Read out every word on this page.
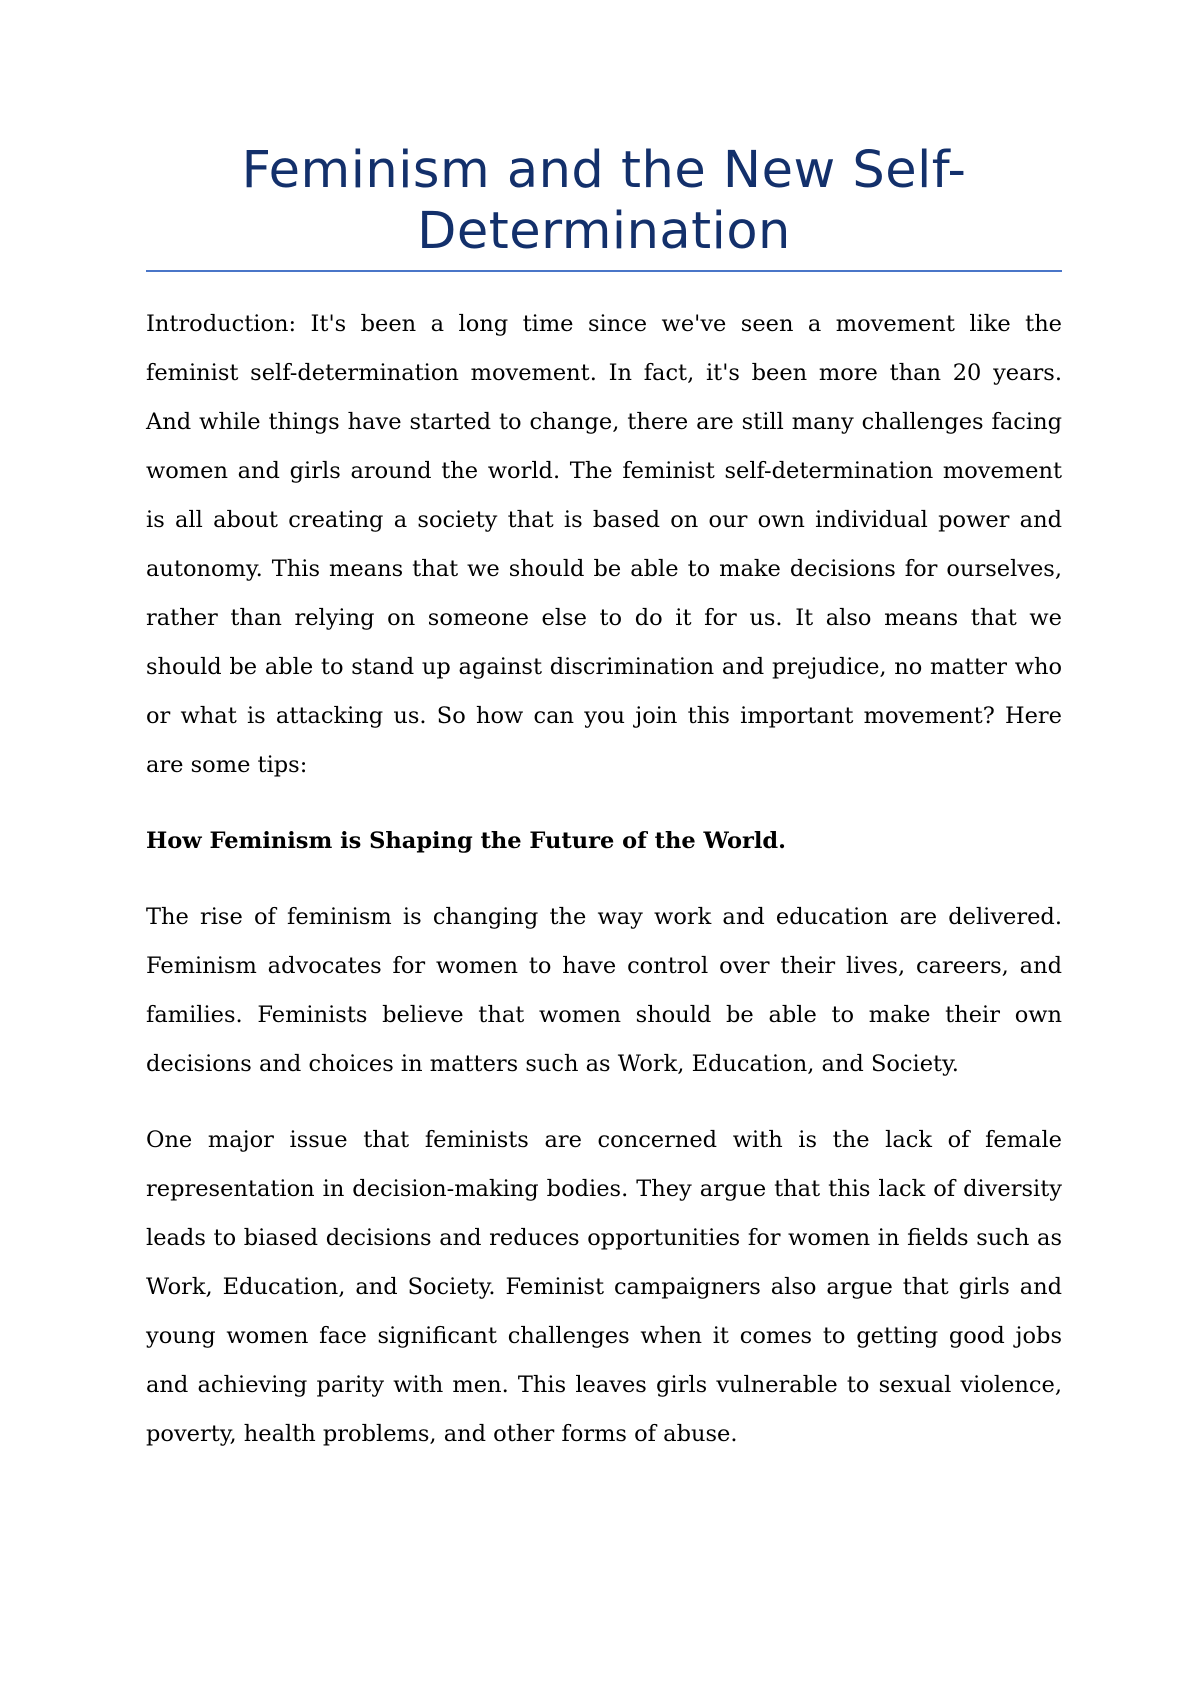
Feminism and the New Self-Determination

Introduction: It's been a long time since we've seen a movement like the feminist self-determination movement. In fact, it's been more than 20 years. And while things have started to change, there are still many challenges facing women and girls around the world. The feminist self-determination movement is all about creating a society that is based on our own individual power and autonomy. This means that we should be able to make decisions for ourselves, rather than relying on someone else to do it for us. It also means that we should be able to stand up against discrimination and prejudice, no matter who or what is attacking us. So how can you join this important movement? Here are some tips:

How Feminism is Shaping the Future of the World.

The rise of feminism is changing the way work and education are delivered. Feminism advocates for women to have control over their lives, careers, and families. Feminists believe that women should be able to make their own decisions and choices in matters such as Work, Education, and Society.

One major issue that feminists are concerned with is the lack of female representation in decision-making bodies. They argue that this lack of diversity leads to biased decisions and reduces opportunities for women in fields such as Work, Education, and Society. Feminist campaigners also argue that girls and young women face significant challenges when it comes to getting good jobs and achieving parity with men. This leaves girls vulnerable to sexual violence, poverty, health problems, and other forms of abuse.
